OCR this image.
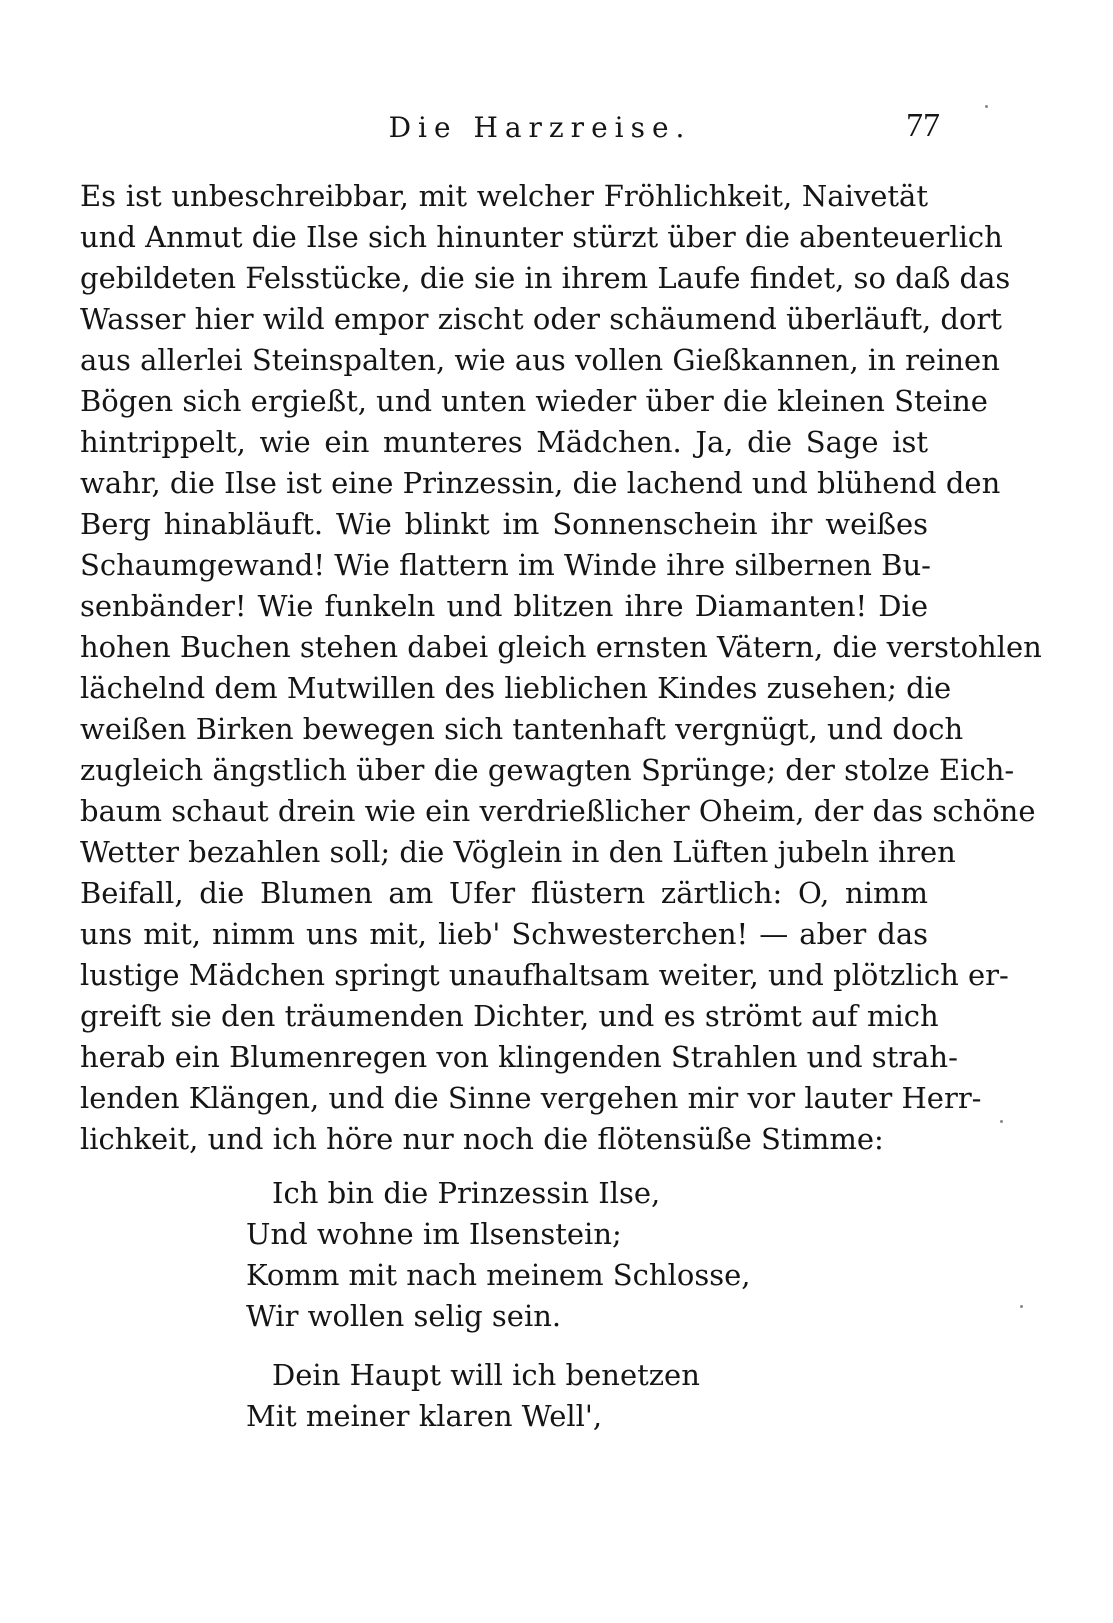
Die Harzreise.	77
Es ist unbeschreibbar, mit welcher Fröhlichkeit, Naivetät
und Anmut die Ilse sich hinunter stürzt über die abenteuerlich
gebildeten Felsstücke, die sie in ihrem Laufe findet, so daß das
Wasser hier wild empor zischt oder schäumend überläuft, dort
aus allerlei Steinspalten, wie aus vollen Gießkannen, in reinen
Bögen sich ergießt, und unten wieder über die kleinen Steine
hintrippelt, wie ein munteres Mädchen. Ja, die Sage ist
wahr, die Ilse ist eine Prinzessin, die lachend und blühend den
Berg hinabläuft. Wie blinkt im Sonnenschein ihr weißes
Schaumgewand! Wie flattern im Winde ihre silbernen Bu-
senbänder! Wie funkeln und blitzen ihre Diamanten! Die
hohen Buchen stehen dabei gleich ernsten Vätern, die verstohlen
lächelnd dem Mutwillen des lieblichen Kindes zusehen; die
weißen Birken bewegen sich tantenhaft vergnügt, und doch
zugleich ängstlich über die gewagten Sprünge; der stolze Eich-
baum schaut drein wie ein verdrießlicher Oheim, der das schöne
Wetter bezahlen soll; die Vöglein in den Lüften jubeln ihren
Beifall, die Blumen am Ufer flüstern zärtlich: O, nimm
uns mit, nimm uns mit, lieb' Schwesterchen! — aber das
lustige Mädchen springt unaufhaltsam weiter, und plötzlich er-
greift sie den träumenden Dichter, und es strömt auf mich
herab ein Blumenregen von klingenden Strahlen und strah-
lenden Klängen, und die Sinne vergehen mir vor lauter Herr-
lichkeit, und ich höre nur noch die flötensüße Stimme:
Ich bin die Prinzessin Ilse,
Und wohne im Ilsenstein;
Komm mit nach meinem Schlosse,
Wir wollen selig sein.
Dein Haupt will ich benetzen
Mit meiner klaren Well',
